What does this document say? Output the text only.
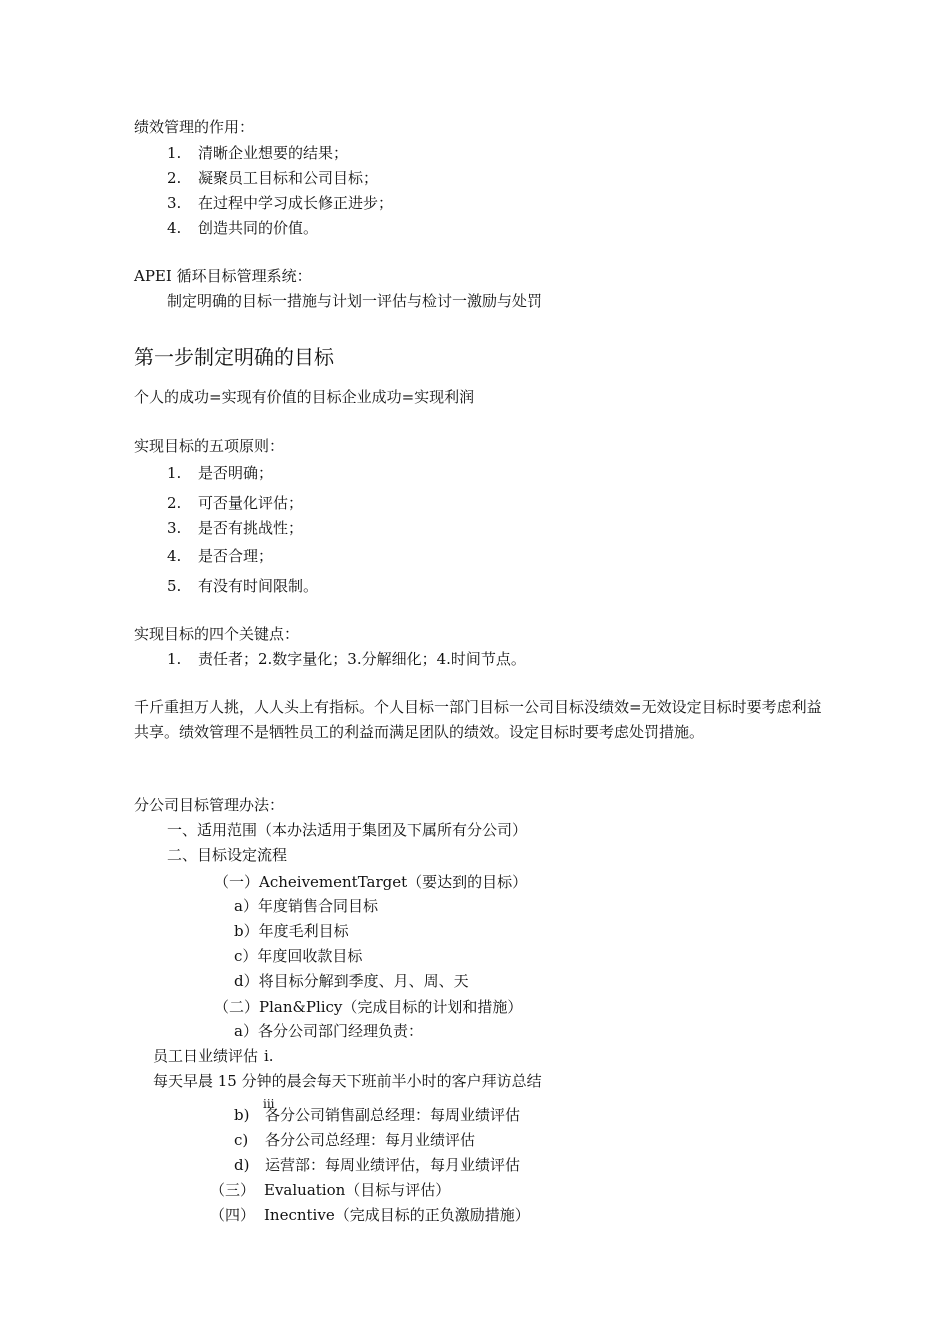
绩效管理的作用：
1. 清晰企业想要的结果；
2. 凝聚员工目标和公司目标；
3. 在过程中学习成长修正进步；
4. 创造共同的价值。
APEI 循环目标管理系统：
制定明确的目标一措施与计划一评估与检讨一激励与处罚
第一步制定明确的目标
个人的成功=实现有价值的目标企业成功=实现利润
实现目标的五项原则：
1. 是否明确；
2. 可否量化评估；
3. 是否有挑战性；
4. 是否合理；
5. 有没有时间限制。
实现目标的四个关键点：
1. 责任者；2.数字量化；3.分解细化；4.时间节点。
千斤重担万人挑，人人头上有指标。个人目标一部门目标一公司目标没绩效=无效设定目标时要考虑利益共享。绩效管理不是牺牲员工的利益而满足团队的绩效。设定目标时要考虑处罚措施。
分公司目标管理办法：
一、适用范围（本办法适用于集团及下属所有分公司）
二、目标设定流程
（一）AcheivementTarget（要达到的目标）
a）年度销售合同目标
b）年度毛利目标
c）年度回收款目标
d）将目标分解到季度、月、周、天
（二）Plan&Plicy（完成目标的计划和措施）
a）各分公司部门经理负责：
i.
员工日业绩评估
每天早晨 15 分钟的晨会每天下班前半小时的客户拜访总结
iii
b) 各分公司销售副总经理：每周业绩评估
c) 各分公司总经理：每月业绩评估
d) 运营部：每周业绩评估，每月业绩评估
（三） Evaluation（目标与评估）
（四） Inecntive（完成目标的正负激励措施）
